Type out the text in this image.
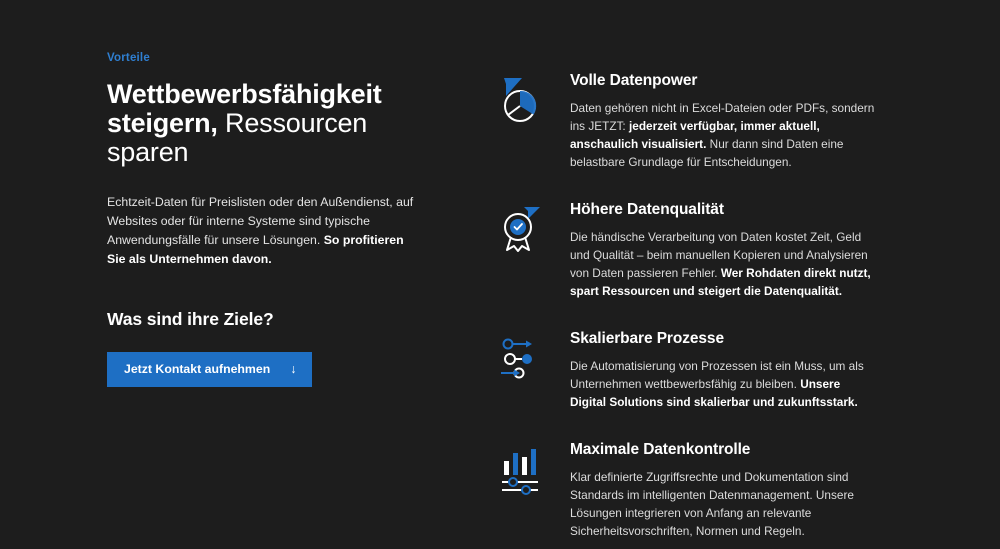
Vorteile
Wettbewerbsfähigkeit steigern, Ressourcen sparen

Echtzeit-Daten für Preislisten oder den Außendienst, auf Websites oder für interne Systeme sind typische Anwendungsfälle für unsere Lösungen. So profitieren Sie als Unternehmen davon.

Was sind ihre Ziele?
Jetzt Kontakt aufnehmen ↓
Volle Datenpower

Daten gehören nicht in Excel-Dateien oder PDFs, sondern ins JETZT: jederzeit verfügbar, immer aktuell, anschaulich visualisiert. Nur dann sind Daten eine belastbare Grundlage für Entscheidungen.

Höhere Datenqualität

Die händische Verarbeitung von Daten kostet Zeit, Geld und Qualität – beim manuellen Kopieren und Analysieren von Daten passieren Fehler. Wer Rohdaten direkt nutzt, spart Ressourcen und steigert die Datenqualität.

Skalierbare Prozesse

Die Automatisierung von Prozessen ist ein Muss, um als Unternehmen wettbewerbsfähig zu bleiben. Unsere Digital Solutions sind skalierbar und zukunftsstark.

Maximale Datenkontrolle

Klar definierte Zugriffsrechte und Dokumentation sind Standards im intelligenten Datenmanagement. Unsere Lösungen integrieren von Anfang an relevante Sicherheitsvorschriften, Normen und Regeln.
